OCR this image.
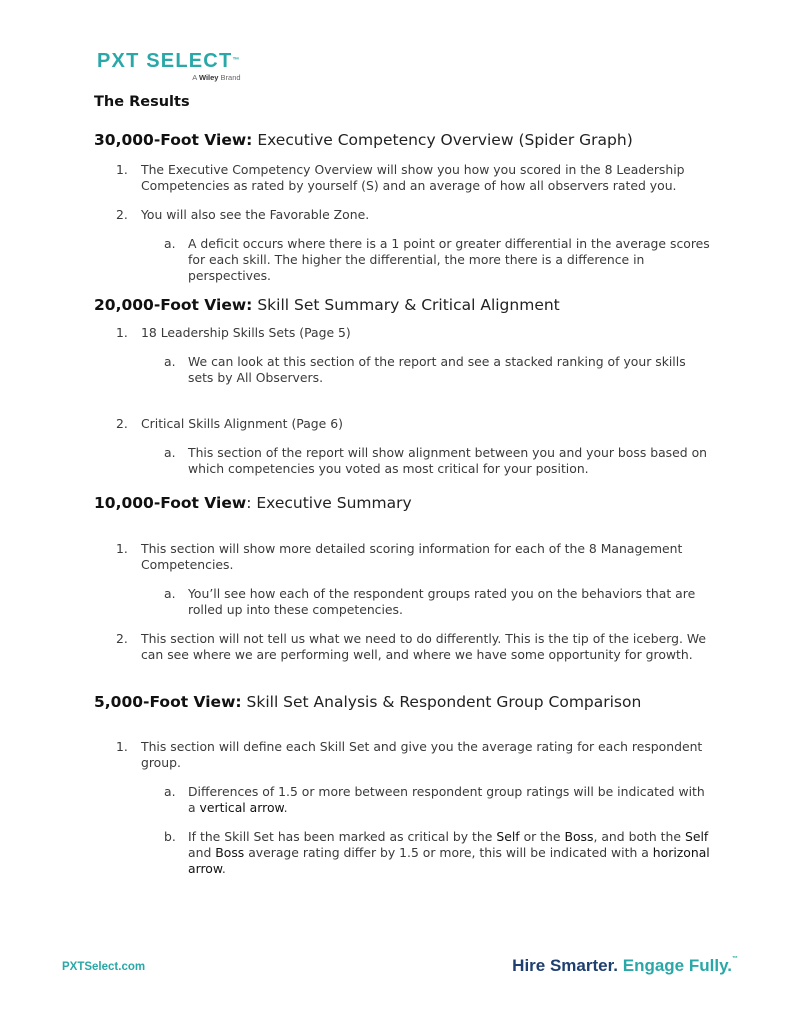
PXT SELECT™
A Wiley Brand
The Results
30,000-Foot View: Executive Competency Overview (Spider Graph)
1. The Executive Competency Overview will show you how you scored in the 8 Leadership Competencies as rated by yourself (S) and an average of how all observers rated you.
2. You will also see the Favorable Zone.
a. A deficit occurs where there is a 1 point or greater differential in the average scores for each skill. The higher the differential, the more there is a difference in perspectives.
20,000-Foot View: Skill Set Summary & Critical Alignment
1. 18 Leadership Skills Sets (Page 5)
a. We can look at this section of the report and see a stacked ranking of your skills sets by All Observers.
2. Critical Skills Alignment (Page 6)
a. This section of the report will show alignment between you and your boss based on which competencies you voted as most critical for your position.
10,000-Foot View: Executive Summary
1. This section will show more detailed scoring information for each of the 8 Management Competencies.
a. You’ll see how each of the respondent groups rated you on the behaviors that are rolled up into these competencies.
2. This section will not tell us what we need to do differently. This is the tip of the iceberg. We can see where we are performing well, and where we have some opportunity for growth.
5,000-Foot View: Skill Set Analysis & Respondent Group Comparison
1. This section will define each Skill Set and give you the average rating for each respondent group.
a. Differences of 1.5 or more between respondent group ratings will be indicated with a vertical arrow.
b. If the Skill Set has been marked as critical by the Self or the Boss, and both the Self and Boss average rating differ by 1.5 or more, this will be indicated with a horizonal arrow.
PXTSelect.com	Hire Smarter. Engage Fully.™
